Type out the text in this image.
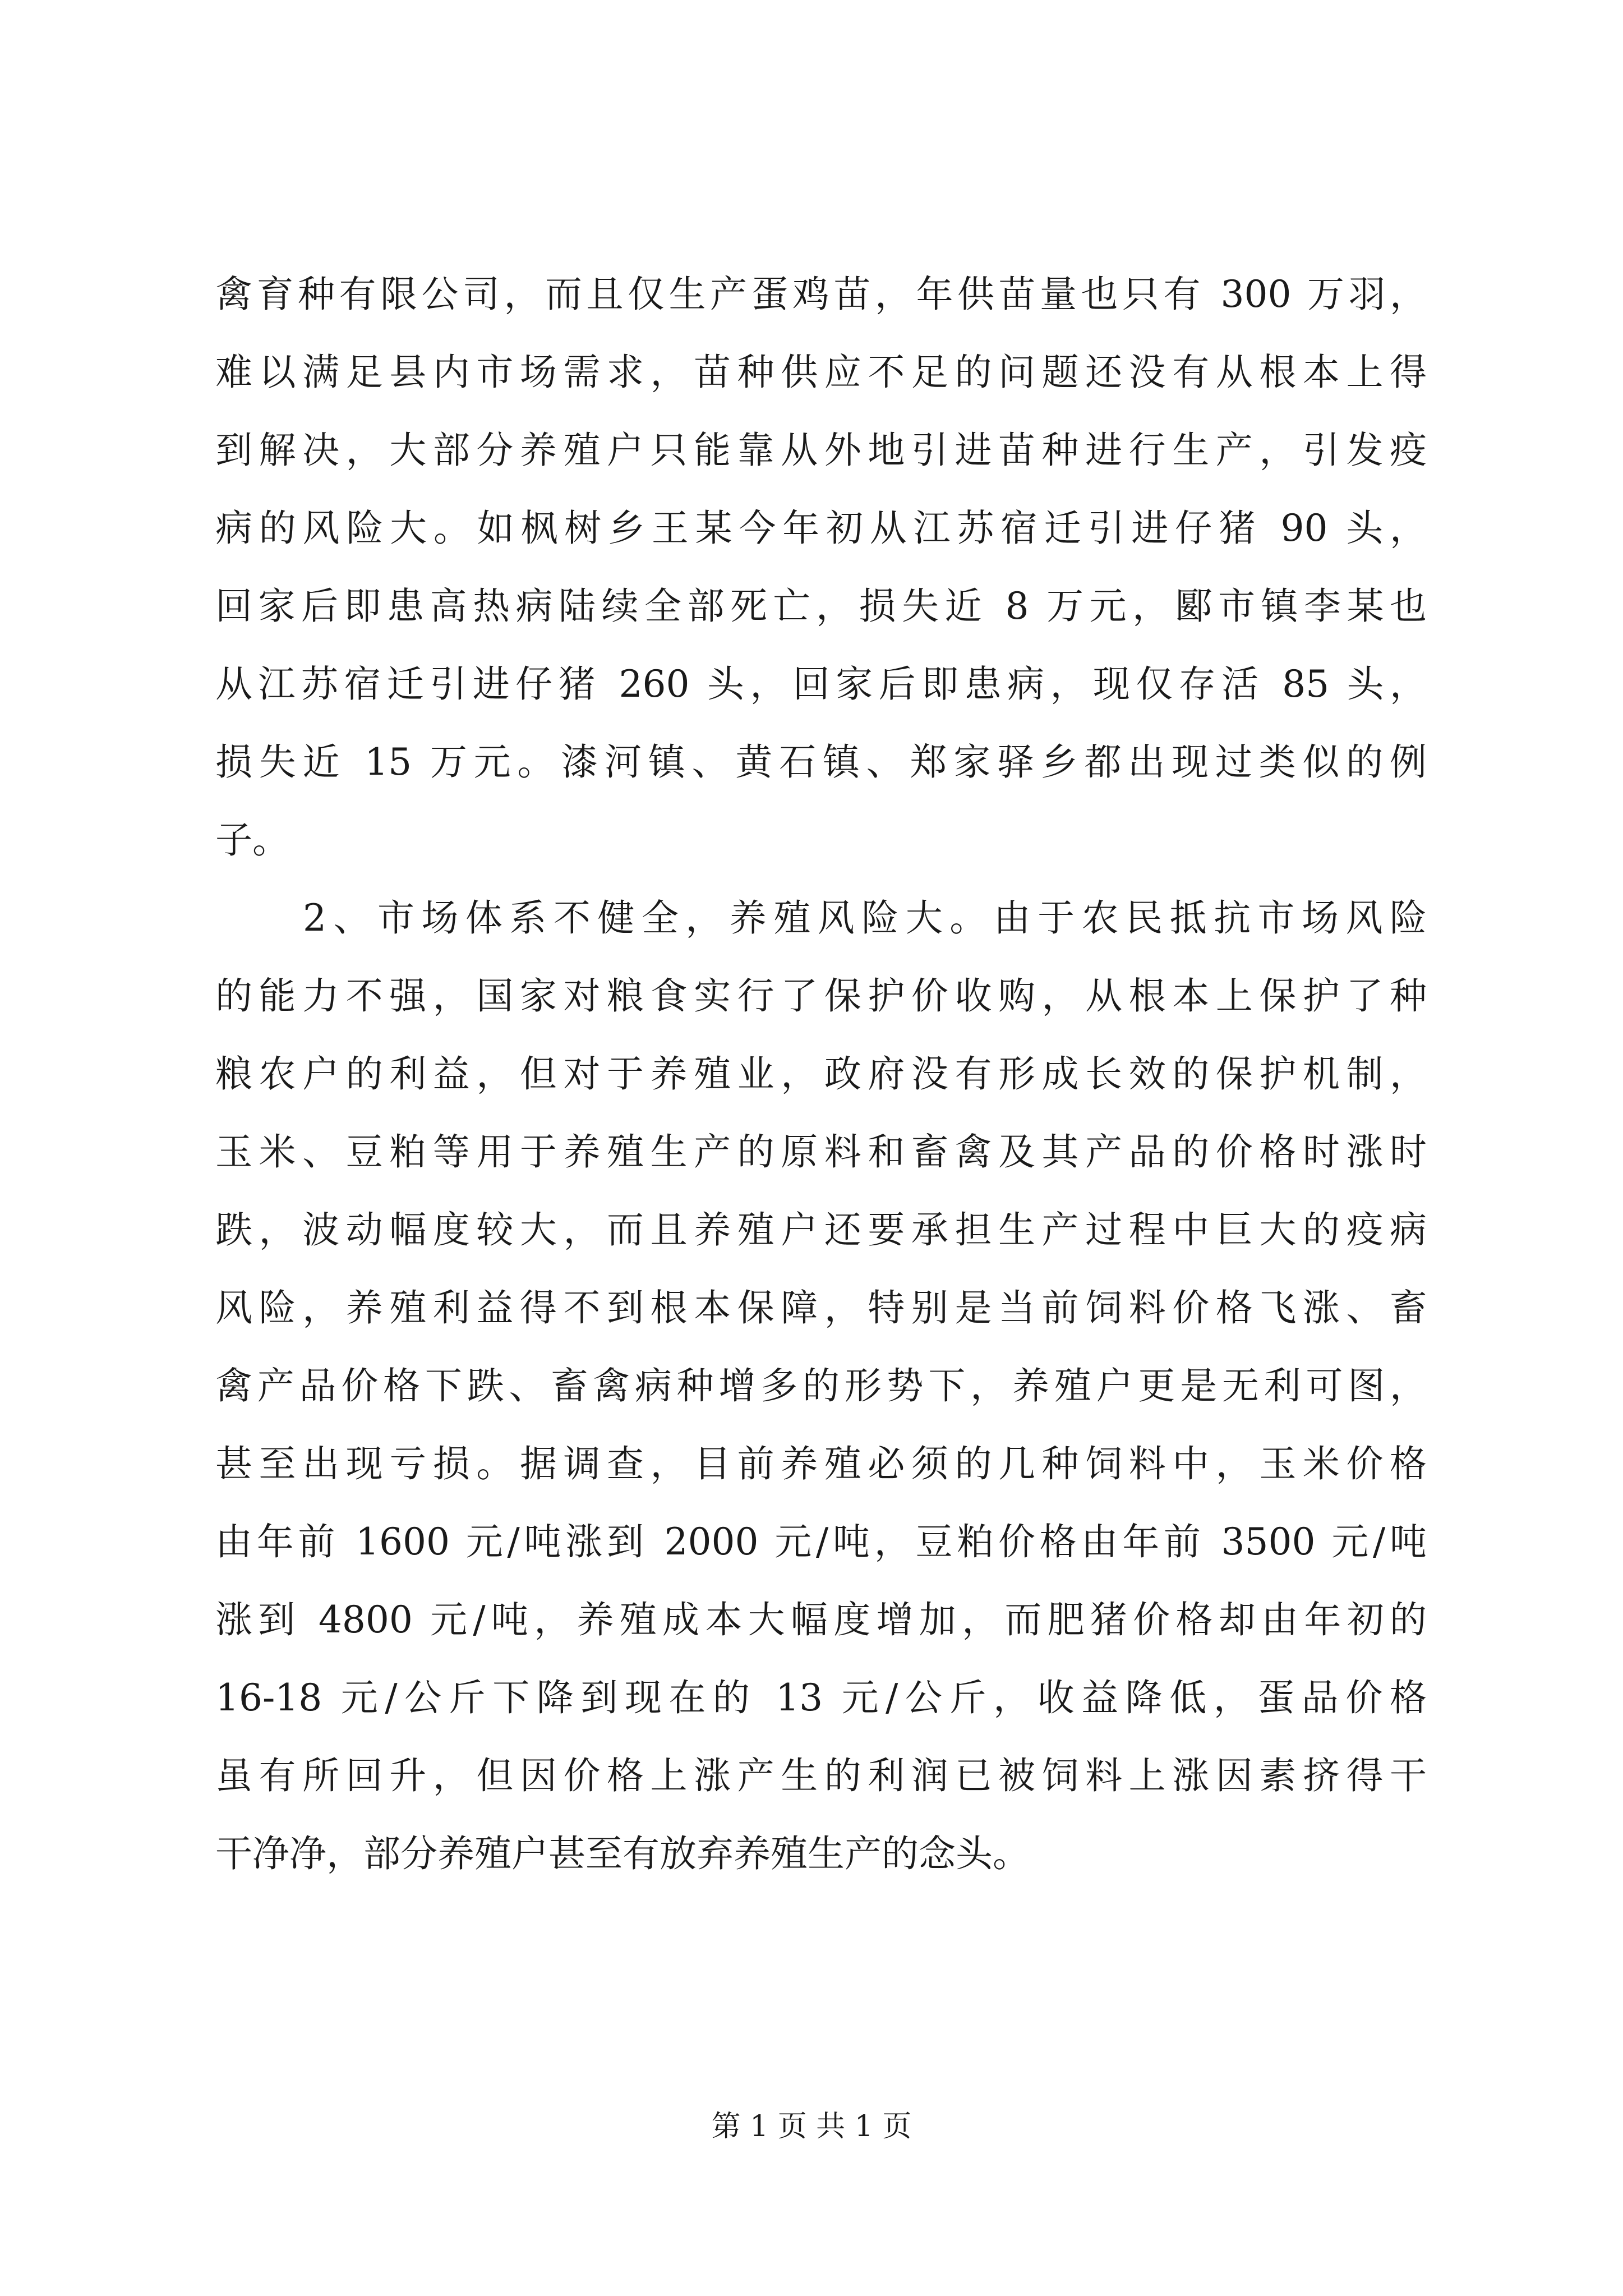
禽育种有限公司，而且仅生产蛋鸡苗，年供苗量也只有 300 万羽，
难以满足县内市场需求，苗种供应不足的问题还没有从根本上得
到解决，大部分养殖户只能靠从外地引进苗种进行生产，引发疫
病的风险大。如枫树乡王某今年初从江苏宿迁引进仔猪 90 头，
回家后即患高热病陆续全部死亡，损失近 8 万元，郾市镇李某也
从江苏宿迁引进仔猪 260 头，回家后即患病，现仅存活 85 头，
损失近 15 万元。漆河镇、黄石镇、郑家驿乡都出现过类似的例
子。
2、市场体系不健全，养殖风险大。由于农民抵抗市场风险
的能力不强，国家对粮食实行了保护价收购，从根本上保护了种
粮农户的利益，但对于养殖业，政府没有形成长效的保护机制，
玉米、豆粕等用于养殖生产的原料和畜禽及其产品的价格时涨时
跌，波动幅度较大，而且养殖户还要承担生产过程中巨大的疫病
风险，养殖利益得不到根本保障，特别是当前饲料价格飞涨、畜
禽产品价格下跌、畜禽病种增多的形势下，养殖户更是无利可图，
甚至出现亏损。据调查，目前养殖必须的几种饲料中，玉米价格
由年前 1600 元/吨涨到 2000 元/吨，豆粕价格由年前 3500 元/吨
涨到 4800 元/吨，养殖成本大幅度增加，而肥猪价格却由年初的
16-18 元/公斤下降到现在的 13 元/公斤，收益降低，蛋品价格
虽有所回升，但因价格上涨产生的利润已被饲料上涨因素挤得干
干净净，部分养殖户甚至有放弃养殖生产的念头。
第 1 页 共 1 页
